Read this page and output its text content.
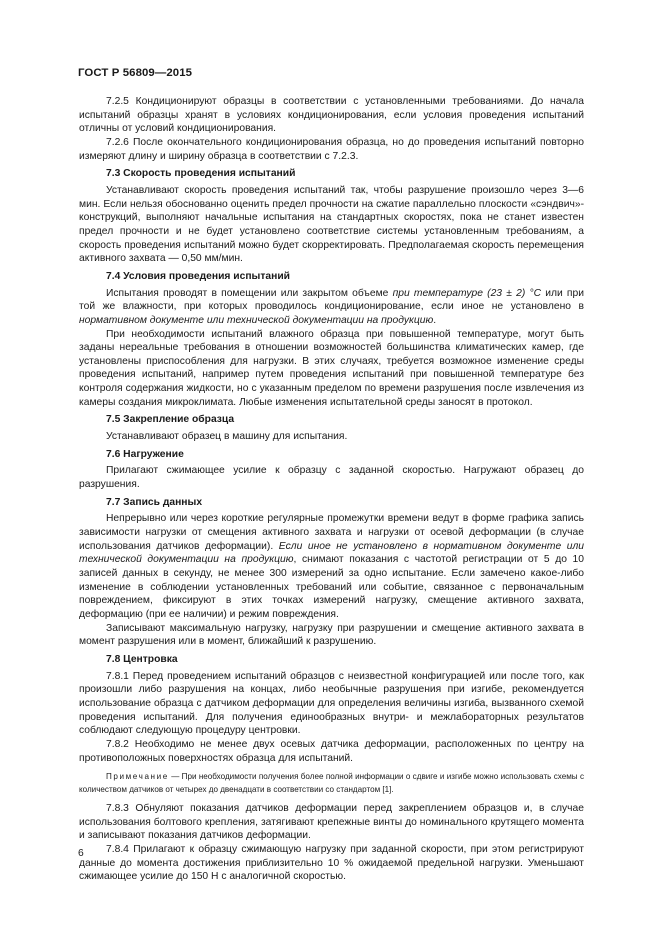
ГОСТ Р 56809—2015

7.2.5 Кондиционируют образцы в соответствии с установленными требованиями. До начала испытаний образцы хранят в условиях кондиционирования, если условия проведения испытаний отличны от условий кондиционирования.

7.2.6 После окончательного кондиционирования образца, но до проведения испытаний повторно измеряют длину и ширину образца в соответствии с 7.2.3.

7.3 Скорость проведения испытаний

Устанавливают скорость проведения испытаний так, чтобы разрушение произошло через 3—6 мин. Если нельзя обоснованно оценить предел прочности на сжатие параллельно плоскости «сэндвич»-конструкций, выполняют начальные испытания на стандартных скоростях, пока не станет известен предел прочности и не будет установлено соответствие системы установленным требованиям, а скорость проведения испытаний можно будет скорректировать. Предполагаемая скорость перемещения активного захвата — 0,50 мм/мин.

7.4 Условия проведения испытаний

Испытания проводят в помещении или закрытом объеме при температуре (23 ± 2) °С или при той же влажности, при которых проводилось кондиционирование, если иное не установлено в нормативном документе или технической документации на продукцию.

При необходимости испытаний влажного образца при повышенной температуре, могут быть заданы нереальные требования в отношении возможностей большинства климатических камер, где установлены приспособления для нагрузки. В этих случаях, требуется возможное изменение среды проведения испытаний, например путем проведения испытаний при повышенной температуре без контроля содержания жидкости, но с указанным пределом по времени разрушения после извлечения из камеры создания микроклимата. Любые изменения испытательной среды заносят в протокол.

7.5 Закрепление образца

Устанавливают образец в машину для испытания.

7.6 Нагружение

Прилагают сжимающее усилие к образцу с заданной скоростью. Нагружают образец до разрушения.

7.7 Запись данных

Непрерывно или через короткие регулярные промежутки времени ведут в форме графика запись зависимости нагрузки от смещения активного захвата и нагрузки от осевой деформации (в случае использования датчиков деформации). Если иное не установлено в нормативном документе или технической документации на продукцию, снимают показания с частотой регистрации от 5 до 10 записей данных в секунду, не менее 300 измерений за одно испытание. Если замечено какое-либо изменение в соблюдении установленных требований или событие, связанное с первоначальным повреждением, фиксируют в этих точках измерений нагрузку, смещение активного захвата, деформацию (при ее наличии) и режим повреждения.

Записывают максимальную нагрузку, нагрузку при разрушении и смещение активного захвата в момент разрушения или в момент, ближайший к разрушению.

7.8 Центровка

7.8.1 Перед проведением испытаний образцов с неизвестной конфигурацией или после того, как произошли либо разрушения на концах, либо необычные разрушения при изгибе, рекомендуется использование образца с датчиком деформации для определения величины изгиба, вызванного схемой проведения испытаний. Для получения единообразных внутри- и межлабораторных результатов соблюдают следующую процедуру центровки.

7.8.2 Необходимо не менее двух осевых датчика деформации, расположенных по центру на противоположных поверхностях образца для испытаний.

Примечание — При необходимости получения более полной информации о сдвиге и изгибе можно использовать схемы с количеством датчиков от четырех до двенадцати в соответствии со стандартом [1].

7.8.3 Обнуляют показания датчиков деформации перед закреплением образцов и, в случае использования болтового крепления, затягивают крепежные винты до номинального крутящего момента и записывают показания датчиков деформации.

7.8.4 Прилагают к образцу сжимающую нагрузку при заданной скорости, при этом регистрируют данные до момента достижения приблизительно 10 % ожидаемой предельной нагрузки. Уменьшают сжимающее усилие до 150 Н с аналогичной скоростью.

6
